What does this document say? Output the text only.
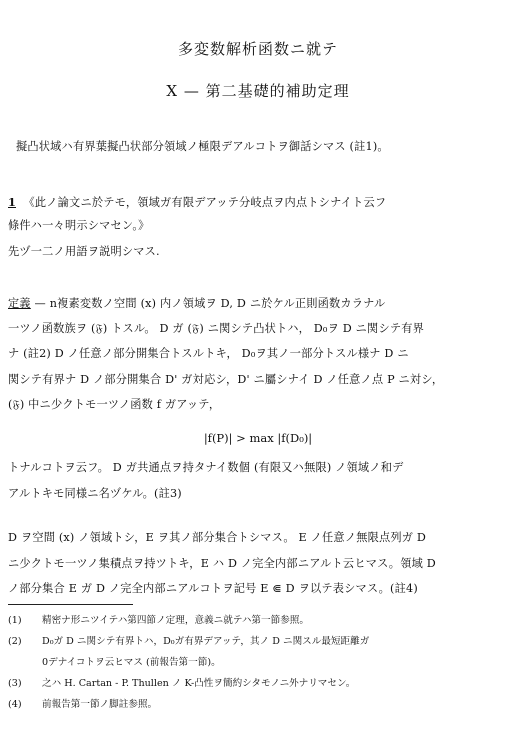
多変数解析函数ニ就テ
X — 第二基礎的補助定理
擬凸状域ハ有界葉擬凸状部分領域ノ極限デアルコトヲ御話シマス (註1)。
1 《此ノ論文ニ於テモ，領域ガ有限デアッテ分岐点ヲ内点トシナイト云フ
條件ハ一々明示シマセン。》
先ヅ一二ノ用語ヲ説明シマス.
定義 — n複素変数ノ空間 (x) 内ノ領域ヲ D, D ニ於ケル正則函数カラナル
一ツノ函数族ヲ (𝔉) トスル。 D ガ (𝔉) ニ関シテ凸状トハ， D₀ヲ D ニ関シテ有界
ナ (註2) D ノ任意ノ部分開集合トスルトキ， D₀ヲ其ノ一部分トスル様ナ D ニ
関シテ有界ナ D ノ部分開集合 D' ガ対応シ，D' ニ屬シナイ D ノ任意ノ点 P ニ対シ，
(𝔉) 中ニ少クトモ一ツノ函数 f ガアッテ，
|f(P)| > max |f(D₀)|
トナルコトヲ云フ。 D ガ共通点ヲ持タナイ数個 (有限又ハ無限) ノ領域ノ和デ
アルトキモ同様ニ名ヅケル。(註3)
D ヲ空間 (x) ノ領域トシ，E ヲ其ノ部分集合トシマス。 E ノ任意ノ無限点列ガ D
ニ少クトモ一ツノ集積点ヲ持ツトキ，E ハ D ノ完全内部ニアルト云ヒマス。領域 D
ノ部分集合 E ガ D ノ完全内部ニアルコトヲ記号 E ⋐ D ヲ以テ表シマス。(註4)
(1) 精密ナ形ニツイテハ第四節ノ定理，意義ニ就テハ第一節参照。
(2) D₀ガ D ニ関シテ有界トハ，D₀ガ有界デアッテ，其ノ D ニ関スル最短距離ガ
0デナイコトヲ云ヒマス (前報告第一節)。
(3) 之ハ H. Cartan - P. Thullen ノ K-凸性ヲ簡約シタモノニ外ナリマセン。
(4) 前報告第一節ノ脚註参照。
